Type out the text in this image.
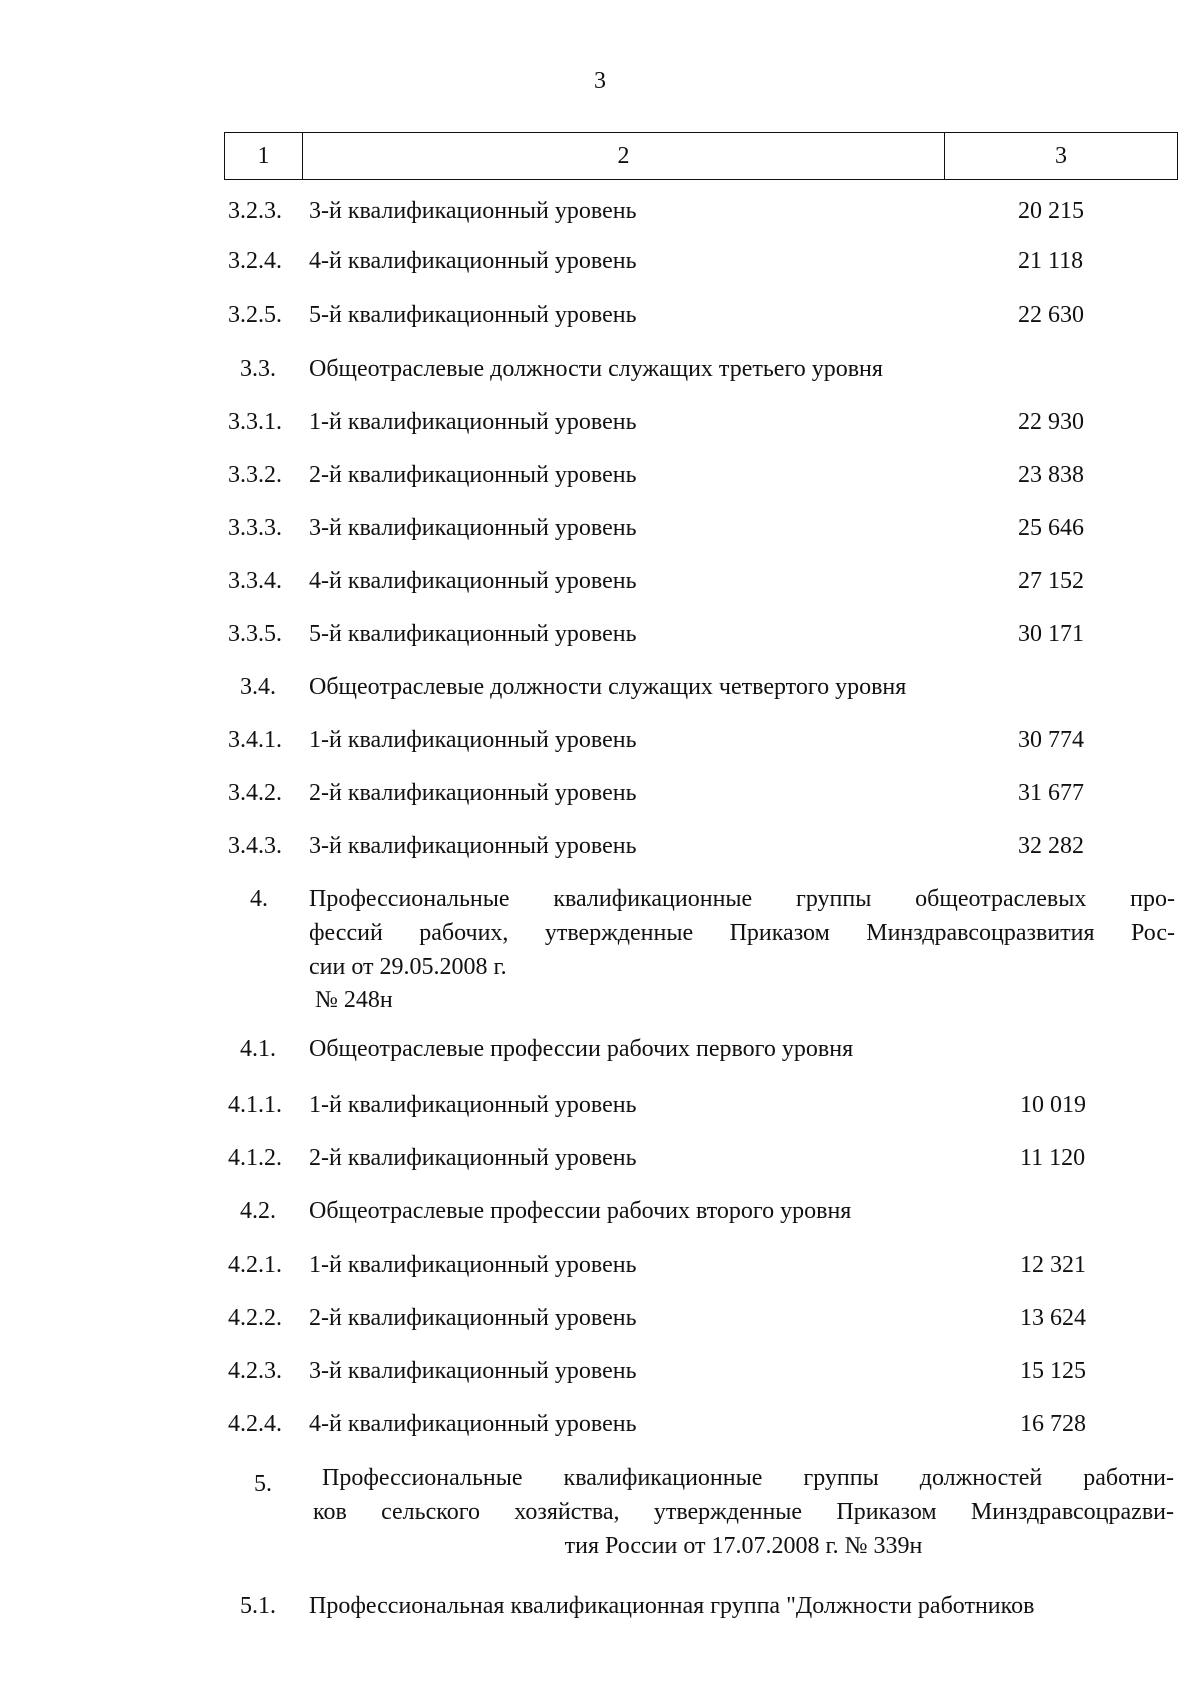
3
1	2	3
3.2.3. 3-й квалификационный уровень	20 215
3.2.4. 4-й квалификационный уровень	21 118
3.2.5. 5-й квалификационный уровень	22 630
3.3. Общеотраслевые должности служащих третьего уровня
3.3.1. 1-й квалификационный уровень	22 930
3.3.2. 2-й квалификационный уровень	23 838
3.3.3. 3-й квалификационный уровень	25 646
3.3.4. 4-й квалификационный уровень	27 152
3.3.5. 5-й квалификационный уровень	30 171
3.4. Общеотраслевые должности служащих четвертого уровня
3.4.1. 1-й квалификационный уровень	30 774
3.4.2. 2-й квалификационный уровень	31 677
3.4.3. 3-й квалификационный уровень	32 282
4. Профессиональные квалификационные группы общеотраслевых про-
фессий рабочих, утвержденные Приказом Минздравсоцразвития Рос-
сии от 29.05.2008 г.
№ 248н
4.1. Общеотраслевые профессии рабочих первого уровня
4.1.1. 1-й квалификационный уровень	10 019
4.1.2. 2-й квалификационный уровень	11 120
4.2. Общеотраслевые профессии рабочих второго уровня
4.2.1. 1-й квалификационный уровень	12 321
4.2.2. 2-й квалификационный уровень	13 624
4.2.3. 3-й квалификационный уровень	15 125
4.2.4. 4-й квалификационный уровень	16 728
5. Профессиональные квалификационные группы должностей работни-
ков сельского хозяйства, утвержденные Приказом Минздравсоцрazви-
тия России от 17.07.2008 г. № 339н
5.1. Профессиональная квалификационная группа "Должности работников
